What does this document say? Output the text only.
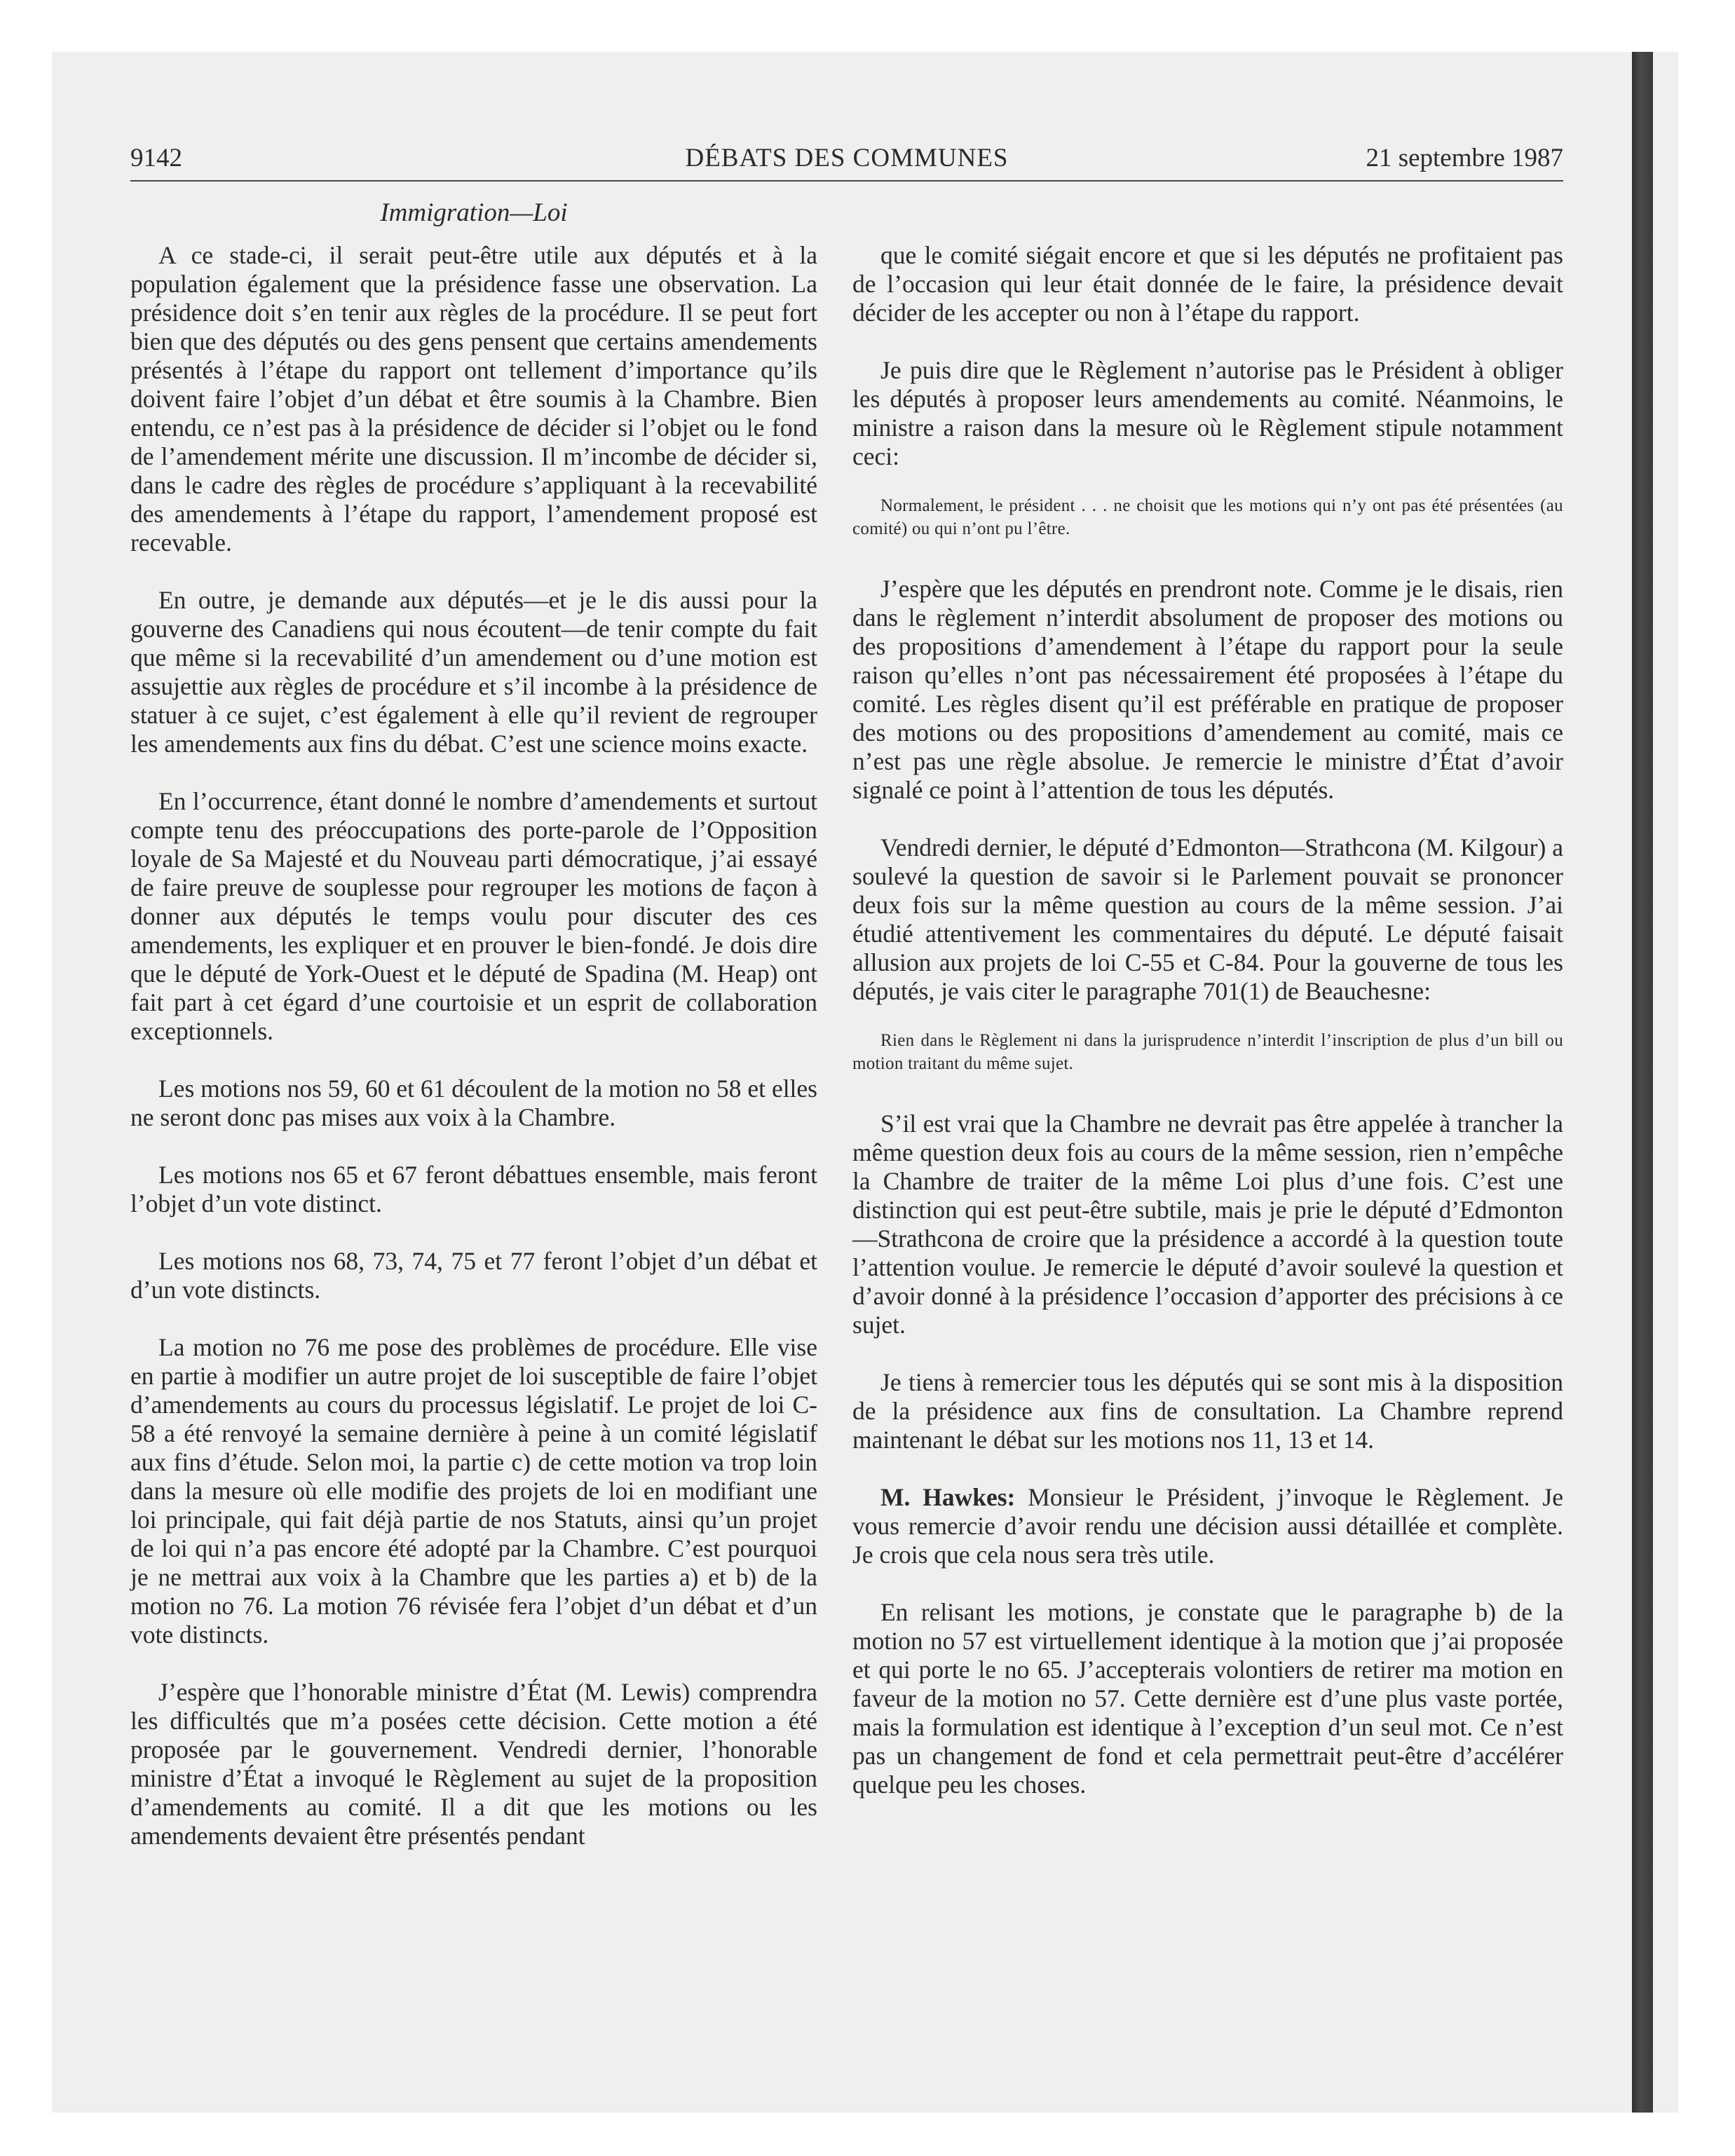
9142	DÉBATS DES COMMUNES	21 septembre 1987
Immigration—Loi

A ce stade-ci, il serait peut-être utile aux députés et à la population également que la présidence fasse une observation. La présidence doit s’en tenir aux règles de la procédure. Il se peut fort bien que des députés ou des gens pensent que certains amendements présentés à l’étape du rapport ont tellement d’importance qu’ils doivent faire l’objet d’un débat et être soumis à la Chambre. Bien entendu, ce n’est pas à la présidence de décider si l’objet ou le fond de l’amendement mérite une discussion. Il m’incombe de décider si, dans le cadre des règles de procédure s’appliquant à la recevabilité des amendements à l’étape du rapport, l’amendement proposé est recevable.

En outre, je demande aux députés—et je le dis aussi pour la gouverne des Canadiens qui nous écoutent—de tenir compte du fait que même si la recevabilité d’un amendement ou d’une motion est assujettie aux règles de procédure et s’il incombe à la présidence de statuer à ce sujet, c’est également à elle qu’il revient de regrouper les amendements aux fins du débat. C’est une science moins exacte.

En l’occurrence, étant donné le nombre d’amendements et surtout compte tenu des préoccupations des porte-parole de l’Opposition loyale de Sa Majesté et du Nouveau parti démocratique, j’ai essayé de faire preuve de souplesse pour regrouper les motions de façon à donner aux députés le temps voulu pour discuter des ces amendements, les expliquer et en prouver le bien-fondé. Je dois dire que le député de York-Ouest et le député de Spadina (M. Heap) ont fait part à cet égard d’une courtoisie et un esprit de collaboration exceptionnels.

Les motions nos 59, 60 et 61 découlent de la motion no 58 et elles ne seront donc pas mises aux voix à la Chambre.

Les motions nos 65 et 67 feront débattues ensemble, mais feront l’objet d’un vote distinct.

Les motions nos 68, 73, 74, 75 et 77 feront l’objet d’un débat et d’un vote distincts.

La motion no 76 me pose des problèmes de procédure. Elle vise en partie à modifier un autre projet de loi susceptible de faire l’objet d’amendements au cours du processus législatif. Le projet de loi C-58 a été renvoyé la semaine dernière à peine à un comité législatif aux fins d’étude. Selon moi, la partie c) de cette motion va trop loin dans la mesure où elle modifie des projets de loi en modifiant une loi principale, qui fait déjà partie de nos Statuts, ainsi qu’un projet de loi qui n’a pas encore été adopté par la Chambre. C’est pourquoi je ne mettrai aux voix à la Chambre que les parties a) et b) de la motion no 76. La motion 76 révisée fera l’objet d’un débat et d’un vote distincts.

J’espère que l’honorable ministre d’État (M. Lewis) comprendra les difficultés que m’a posées cette décision. Cette motion a été proposée par le gouvernement. Vendredi dernier, l’honorable ministre d’État a invoqué le Règlement au sujet de la proposition d’amendements au comité. Il a dit que les motions ou les amendements devaient être présentés pendant

que le comité siégait encore et que si les députés ne profitaient pas de l’occasion qui leur était donnée de le faire, la présidence devait décider de les accepter ou non à l’étape du rapport.

Je puis dire que le Règlement n’autorise pas le Président à obliger les députés à proposer leurs amendements au comité. Néanmoins, le ministre a raison dans la mesure où le Règlement stipule notamment ceci:

Normalement, le président . . . ne choisit que les motions qui n’y ont pas été présentées (au comité) ou qui n’ont pu l’être.

J’espère que les députés en prendront note. Comme je le disais, rien dans le règlement n’interdit absolument de proposer des motions ou des propositions d’amendement à l’étape du rapport pour la seule raison qu’elles n’ont pas nécessairement été proposées à l’étape du comité. Les règles disent qu’il est préférable en pratique de proposer des motions ou des propositions d’amendement au comité, mais ce n’est pas une règle absolue. Je remercie le ministre d’État d’avoir signalé ce point à l’attention de tous les députés.

Vendredi dernier, le député d’Edmonton—Strathcona (M. Kilgour) a soulevé la question de savoir si le Parlement pouvait se prononcer deux fois sur la même question au cours de la même session. J’ai étudié attentivement les commentaires du député. Le député faisait allusion aux projets de loi C-55 et C-84. Pour la gouverne de tous les députés, je vais citer le paragraphe 701(1) de Beauchesne:

Rien dans le Règlement ni dans la jurisprudence n’interdit l’inscription de plus d’un bill ou motion traitant du même sujet.

S’il est vrai que la Chambre ne devrait pas être appelée à trancher la même question deux fois au cours de la même session, rien n’empêche la Chambre de traiter de la même Loi plus d’une fois. C’est une distinction qui est peut-être subtile, mais je prie le député d’Edmonton—Strathcona de croire que la présidence a accordé à la question toute l’attention voulue. Je remercie le député d’avoir soulevé la question et d’avoir donné à la présidence l’occasion d’apporter des précisions à ce sujet.

Je tiens à remercier tous les députés qui se sont mis à la disposition de la présidence aux fins de consultation. La Chambre reprend maintenant le débat sur les motions nos 11, 13 et 14.

M. Hawkes: Monsieur le Président, j’invoque le Règlement. Je vous remercie d’avoir rendu une décision aussi détaillée et complète. Je crois que cela nous sera très utile.

En relisant les motions, je constate que le paragraphe b) de la motion no 57 est virtuellement identique à la motion que j’ai proposée et qui porte le no 65. J’accepterais volontiers de retirer ma motion en faveur de la motion no 57. Cette dernière est d’une plus vaste portée, mais la formulation est identique à l’exception d’un seul mot. Ce n’est pas un changement de fond et cela permettrait peut-être d’accélérer quelque peu les choses.
